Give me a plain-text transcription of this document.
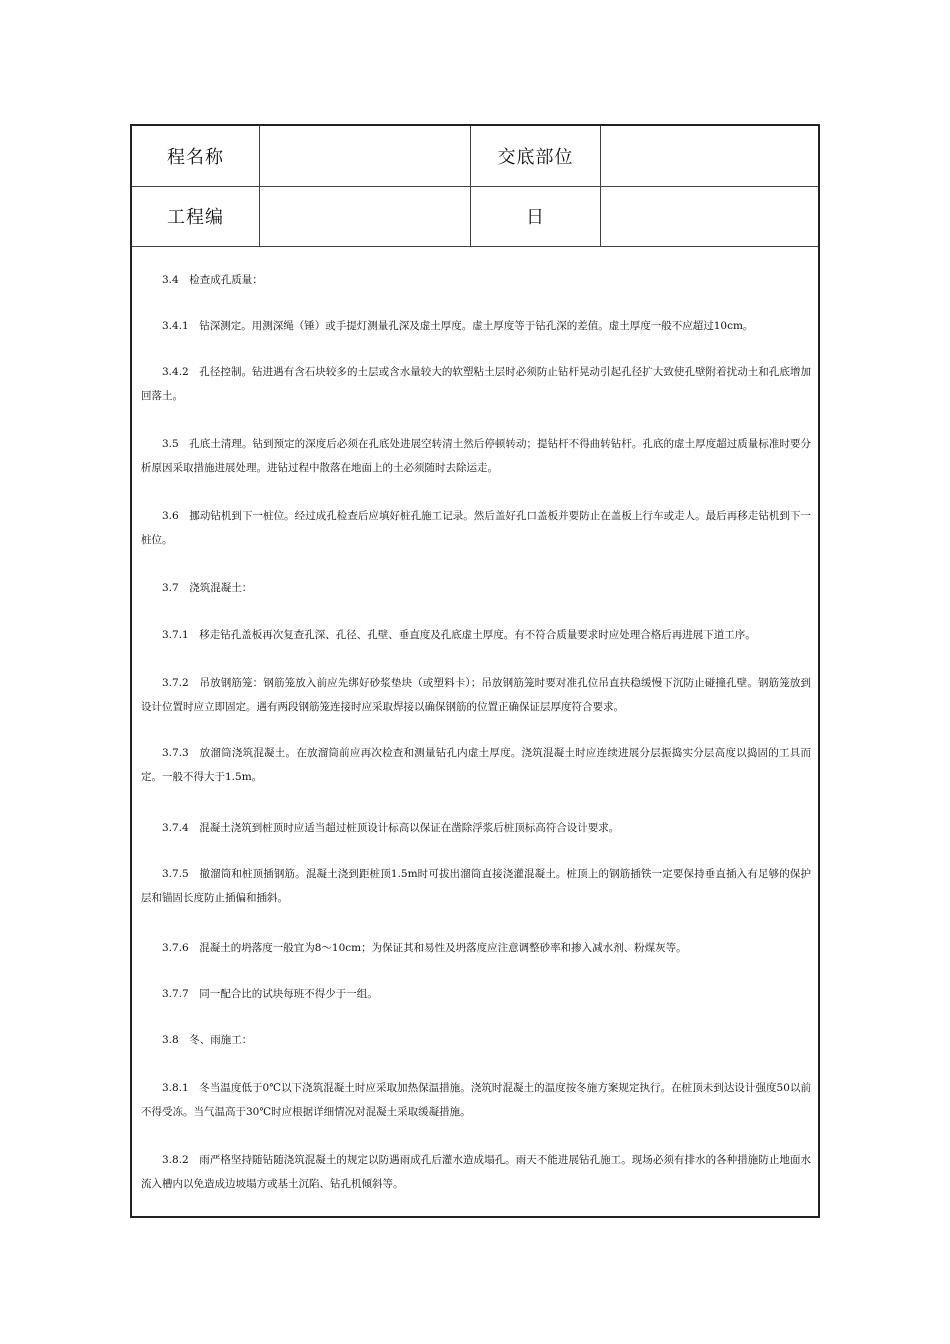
程名称	交底部位
工程编	日
3.4　检查成孔质量：
3.4.1　钻深测定。用测深绳（锤）或手提灯测量孔深及虚土厚度。虚土厚度等于钻孔深的差值。虚土厚度一般不应超过10cm。
3.4.2　孔径控制。钻进遇有含石块较多的土层或含水量较大的软塑粘土层时必须防止钻杆晃动引起孔径扩大致使孔壁附着扰动土和孔底增加回落土。
3.5　孔底土清理。钻到预定的深度后必须在孔底处进展空转清土然后停顿转动；提钻杆不得曲转钻杆。孔底的虚土厚度超过质量标准时要分析原因采取措施进展处理。进钻过程中散落在地面上的土必须随时去除运走。
3.6　挪动钻机到下一桩位。经过成孔检查后应填好桩孔施工记录。然后盖好孔口盖板并要防止在盖板上行车或走人。最后再移走钻机到下一桩位。
3.7　浇筑混凝土：
3.7.1　移走钻孔盖板再次复查孔深、孔径、孔壁、垂直度及孔底虚土厚度。有不符合质量要求时应处理合格后再进展下道工序。
3.7.2　吊放钢筋笼：钢筋笼放入前应先绑好砂浆垫块（或塑料卡）；吊放钢筋笼时要对准孔位吊直扶稳缓慢下沉防止碰撞孔壁。钢筋笼放到设计位置时应立即固定。遇有两段钢筋笼连接时应采取焊接以确保钢筋的位置正确保证层厚度符合要求。
3.7.3　放溜筒浇筑混凝土。在放溜筒前应再次检查和测量钻孔内虚土厚度。浇筑混凝土时应连续进展分层振捣实分层高度以捣固的工具而定。一般不得大于1.5m。
3.7.4　混凝土浇筑到桩顶时应适当超过桩顶设计标高以保证在凿除浮浆后桩顶标高符合设计要求。
3.7.5　撤溜筒和桩顶插钢筋。混凝土浇到距桩顶1.5m时可拔出溜筒直接浇灌混凝土。桩顶上的钢筋插铁一定要保持垂直插入有足够的保护层和锚固长度防止插偏和插斜。
3.7.6　混凝土的坍落度一般宜为8～10cm；为保证其和易性及坍落度应注意调整砂率和掺入减水剂、粉煤灰等。
3.7.7　同一配合比的试块每班不得少于一组。
3.8　冬、雨施工：
3.8.1　冬当温度低于0℃以下浇筑混凝土时应采取加热保温措施。浇筑时混凝土的温度按冬施方案规定执行。在桩顶未到达设计强度50以前不得受冻。当气温高于30℃时应根据详细情况对混凝土采取缓凝措施。
3.8.2　雨严格坚持随钻随浇筑混凝土的规定以防遇雨成孔后灌水造成塌孔。雨天不能进展钻孔施工。现场必须有排水的各种措施防止地面水流入槽内以免造成边坡塌方或基土沉陷、钻孔机倾斜等。
